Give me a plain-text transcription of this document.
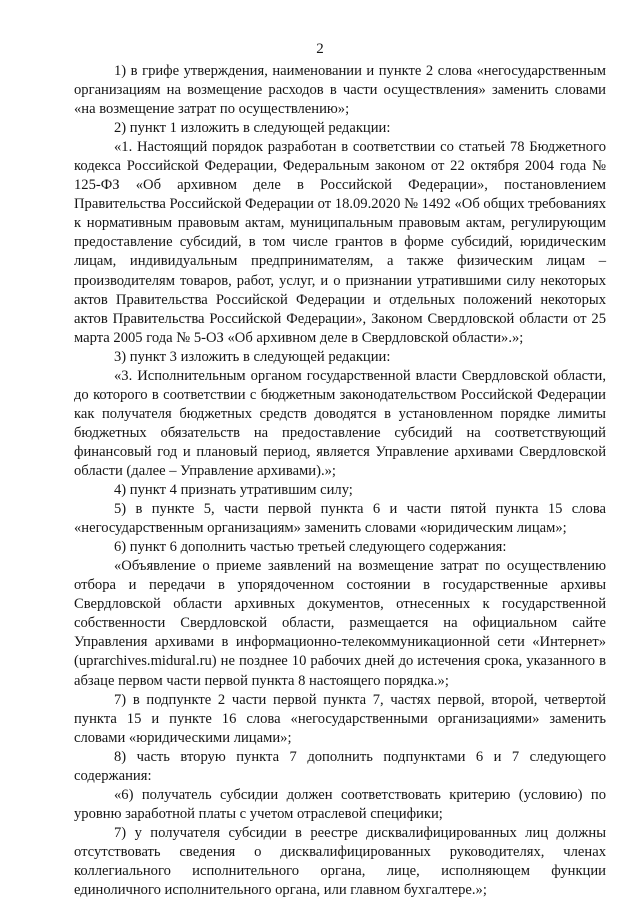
2

1) в грифе утверждения, наименовании и пункте 2 слова «негосударственным организациям на возмещение расходов в части осуществления» заменить словами «на возмещение затрат по осуществлению»;

2) пункт 1 изложить в следующей редакции:

«1. Настоящий порядок разработан в соответствии со статьей 78 Бюджетного кодекса Российской Федерации, Федеральным законом от 22 октября 2004 года № 125-ФЗ «Об архивном деле в Российской Федерации», постановлением Правительства Российской Федерации от 18.09.2020 № 1492 «Об общих требованиях к нормативным правовым актам, муниципальным правовым актам, регулирующим предоставление субсидий, в том числе грантов в форме субсидий, юридическим лицам, индивидуальным предпринимателям, а также физическим лицам – производителям товаров, работ, услуг, и о признании утратившими силу некоторых актов Правительства Российской Федерации и отдельных положений некоторых актов Правительства Российской Федерации», Законом Свердловской области от 25 марта 2005 года № 5-ОЗ «Об архивном деле в Свердловской области».»;

3) пункт 3 изложить в следующей редакции:

«3. Исполнительным органом государственной власти Свердловской области, до которого в соответствии с бюджетным законодательством Российской Федерации как получателя бюджетных средств доводятся в установленном порядке лимиты бюджетных обязательств на предоставление субсидий на соответствующий финансовый год и плановый период, является Управление архивами Свердловской области (далее – Управление архивами).»;

4) пункт 4 признать утратившим силу;

5) в пункте 5, части первой пункта 6 и части пятой пункта 15 слова «негосударственным организациям» заменить словами «юридическим лицам»;

6) пункт 6 дополнить частью третьей следующего содержания:

«Объявление о приеме заявлений на возмещение затрат по осуществлению отбора и передачи в упорядоченном состоянии в государственные архивы Свердловской области архивных документов, отнесенных к государственной собственности Свердловской области, размещается на официальном сайте Управления архивами в информационно-телекоммуникационной сети «Интернет» (uprarchives.midural.ru) не позднее 10 рабочих дней до истечения срока, указанного в абзаце первом части первой пункта 8 настоящего порядка.»;

7) в подпункте 2 части первой пункта 7, частях первой, второй, четвертой пункта 15 и пункте 16 слова «негосударственными организациями» заменить словами «юридическими лицами»;

8) часть вторую пункта 7 дополнить подпунктами 6 и 7 следующего содержания:

«6) получатель субсидии должен соответствовать критерию (условию) по уровню заработной платы с учетом отраслевой специфики;

7) у получателя субсидии в реестре дисквалифицированных лиц должны отсутствовать сведения о дисквалифицированных руководителях, членах коллегиального исполнительного органа, лице, исполняющем функции единоличного исполнительного органа, или главном бухгалтере.»;
